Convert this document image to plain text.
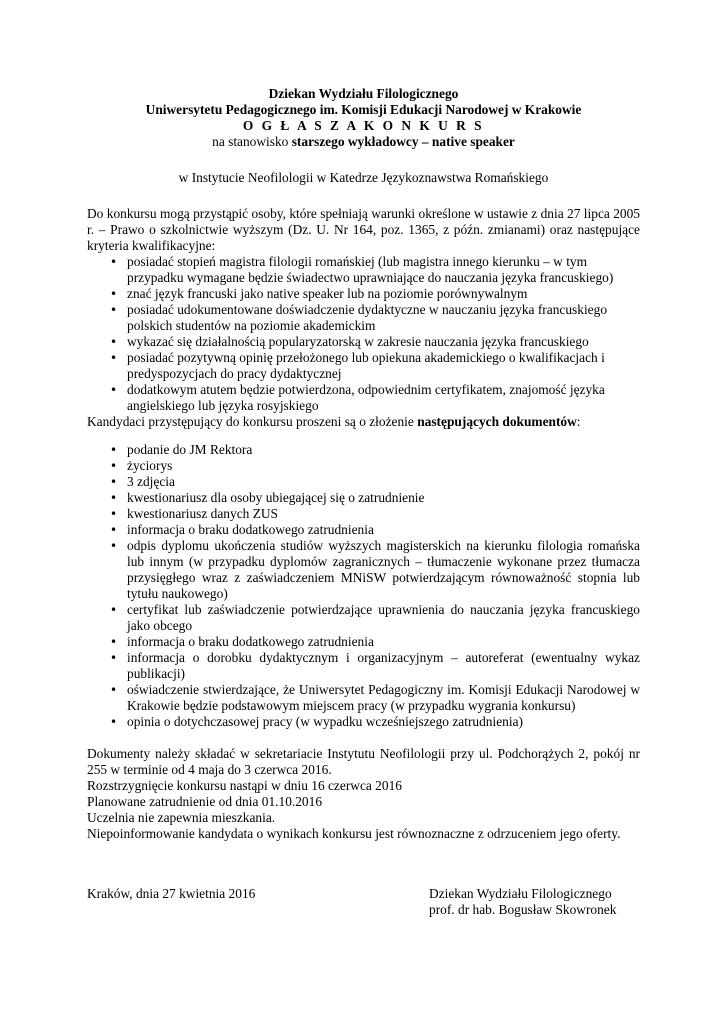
Dziekan Wydziału Filologicznego
Uniwersytetu Pedagogicznego im. Komisji Edukacji Narodowej w Krakowie
O G Ł A S Z A K O N K U R S
na stanowisko starszego wykładowcy – native speaker
w Instytucie Neofilologii w Katedrze Językoznawstwa Romańskiego
Do konkursu mogą przystąpić osoby, które spełniają warunki określone w ustawie z dnia 27 lipca 2005 r. – Prawo o szkolnictwie wyższym (Dz. U. Nr 164, poz. 1365, z późn. zmianami) oraz następujące kryteria kwalifikacyjne:
• posiadać stopień magistra filologii romańskiej (lub magistra innego kierunku – w tym przypadku wymagane będzie świadectwo uprawniające do nauczania języka francuskiego)
• znać język francuski jako native speaker lub na poziomie porównywalnym
• posiadać udokumentowane doświadczenie dydaktyczne w nauczaniu języka francuskiego polskich studentów na poziomie akademickim
• wykazać się działalnością popularyzatorską w zakresie nauczania języka francuskiego
• posiadać pozytywną opinię przełożonego lub opiekuna akademickiego o kwalifikacjach i predyspozycjach do pracy dydaktycznej
• dodatkowym atutem będzie potwierdzona, odpowiednim certyfikatem, znajomość języka angielskiego lub języka rosyjskiego
Kandydaci przystępujący do konkursu proszeni są o złożenie następujących dokumentów:
• podanie do JM Rektora
• życiorys
• 3 zdjęcia
• kwestionariusz dla osoby ubiegającej się o zatrudnienie
• kwestionariusz danych ZUS
• informacja o braku dodatkowego zatrudnienia
• odpis dyplomu ukończenia studiów wyższych magisterskich na kierunku filologia romańska lub innym (w przypadku dyplomów zagranicznych – tłumaczenie wykonane przez tłumacza przysięgłego wraz z zaświadczeniem MNiSW potwierdzającym równoważność stopnia lub tytułu naukowego)
• certyfikat lub zaświadczenie potwierdzające uprawnienia do nauczania języka francuskiego jako obcego
• informacja o braku dodatkowego zatrudnienia
• informacja o dorobku dydaktycznym i organizacyjnym – autoreferat (ewentualny wykaz publikacji)
• oświadczenie stwierdzające, że Uniwersytet Pedagogiczny im. Komisji Edukacji Narodowej w Krakowie będzie podstawowym miejscem pracy (w przypadku wygrania konkursu)
• opinia o dotychczasowej pracy (w wypadku wcześniejszego zatrudnienia)
Dokumenty należy składać w sekretariacie Instytutu Neofilologii przy ul. Podchorążych 2, pokój nr 255 w terminie od 4 maja do 3 czerwca 2016.
Rozstrzygnięcie konkursu nastąpi w dniu 16 czerwca 2016
Planowane zatrudnienie od dnia 01.10.2016
Uczelnia nie zapewnia mieszkania.
Niepoinformowanie kandydata o wynikach konkursu jest równoznaczne z odrzuceniem jego oferty.
Kraków, dnia 27 kwietnia 2016	Dziekan Wydziału Filologicznego
prof. dr hab. Bogusław Skowronek
